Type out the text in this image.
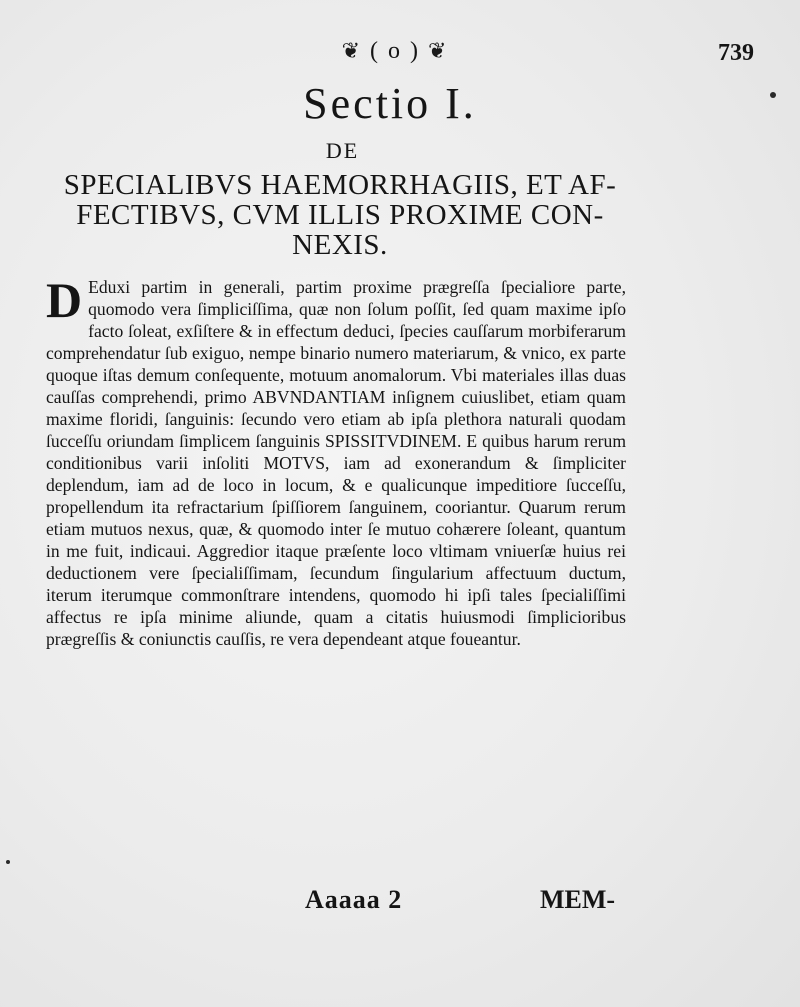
❦ ( o ) ❦	739
Sectio I.
DE
SPECIALIBVS HAEMORRHAGIIS, ET AF-
FECTIBVS, CVM ILLIS PROXIME CON-
NEXIS.
D Eduxi partim in generali, partim proxime prægreſſa ſpecialiore parte, quomodo vera ſimpliciſſima, quæ non ſolum poſſit, ſed quam maxime ipſo facto ſoleat, exſiſtere & in effectum deduci, ſpecies cauſſarum morbiferarum comprehendatur ſub exiguo, nempe binario numero materiarum, & vnico, ex parte quoque iſtas demum conſequente, motuum anomalorum. Vbi materiales illas duas cauſſas comprehendi, primo ABVNDANTIAM inſignem cuiuslibet, etiam quam maxime floridi, ſanguinis: ſecundo vero etiam ab ipſa plethora naturali quodam ſucceſſu oriundam ſimplicem ſanguinis SPISSITVDINEM. E quibus harum rerum conditionibus varii inſoliti MOTVS, iam ad exonerandum & ſimpliciter deplendum, iam ad de loco in locum, & e qualicunque impeditiore ſucceſſu, propellendum ita refractarium ſpiſſiorem ſanguinem, cooriantur. Quarum rerum etiam mutuos nexus, quæ, & quomodo inter ſe mutuo cohærere ſoleant, quantum in me fuit, indicaui. Aggredior itaque præſente loco vltimam vniuerſæ huius rei deductionem vere ſpecialiſſimam, ſecundum ſingularium affectuum ductum, iterum iterumque commonſtrare intendens, quomodo hi ipſi tales ſpecialiſſimi affectus re ipſa minime aliunde, quam a citatis huiusmodi ſimplicioribus prægreſſis & coniunctis cauſſis, re vera dependeant atque foueantur.
Aaaaa 2	MEM-
